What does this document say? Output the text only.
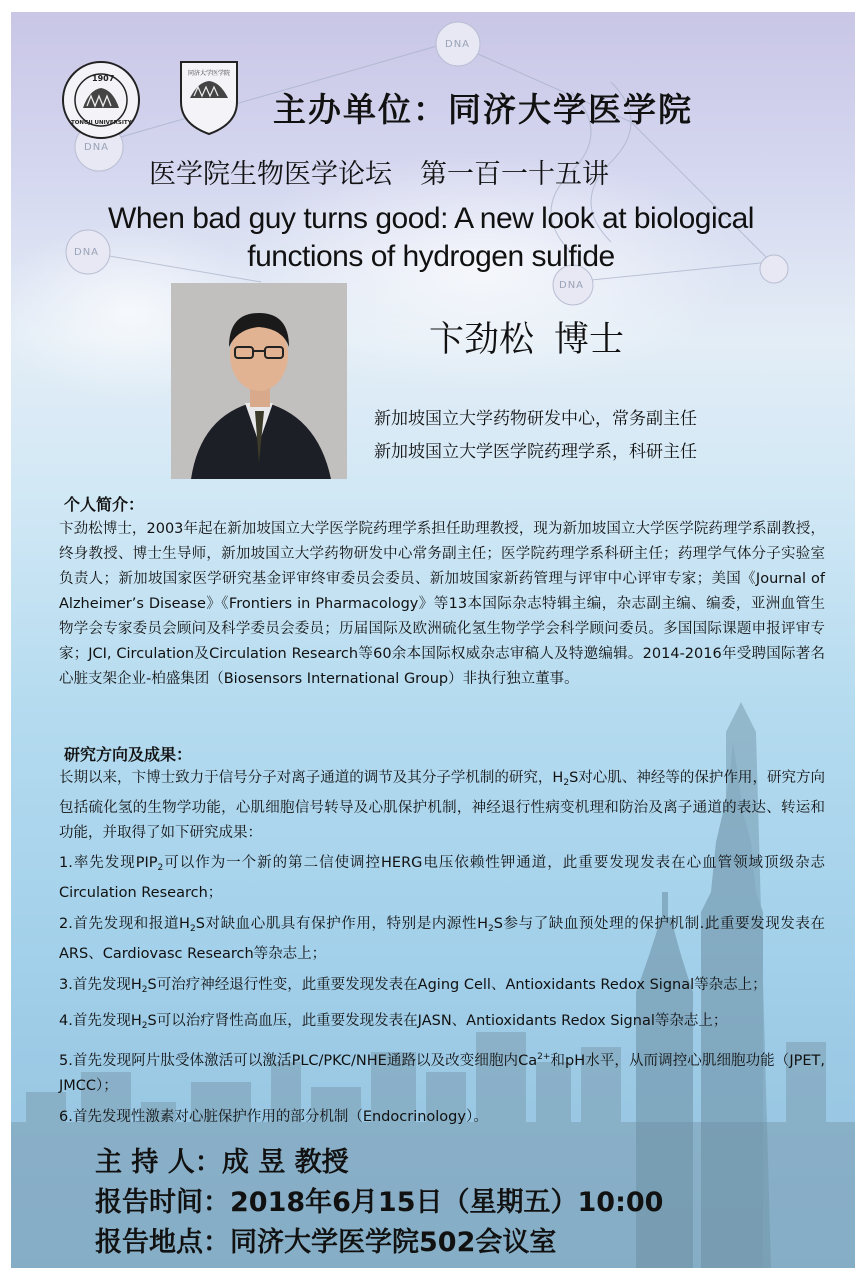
DNA
DNA
DNA
DNA
1907
TONGJI UNIVERSITY
同济大学医学院
主办单位：同济大学医学院
医学院生物医学论坛 第一百一十五讲
When bad guy turns good: A new look at biological
functions of hydrogen sulfide
卞劲松 博士
新加坡国立大学药物研发中心，常务副主任
新加坡国立大学医学院药理学系，科研主任
个人简介：

卞劲松博士，2003年起在新加坡国立大学医学院药理学系担任助理教授，现为新加坡国立大学医学院药理学系副教授，终身教授、博士生导师，新加坡国立大学药物研发中心常务副主任；医学院药理学系科研主任；药理学气体分子实验室负责人；新加坡国家医学研究基金评审终审委员会委员、新加坡国家新药管理与评审中心评审专家；美国《Journal of Alzheimer’s Disease》《Frontiers in Pharmacology》等13本国际杂志特辑主编，杂志副主编、编委，亚洲血管生物学会专家委员会顾问及科学委员会委员；历届国际及欧洲硫化氢生物学学会科学顾问委员。多国国际课题申报评审专家；JCI, Circulation及Circulation Research等60余本国际权威杂志审稿人及特邀编辑。2014-2016年受聘国际著名心脏支架企业-柏盛集团（Biosensors International Group）非执行独立董事。

研究方向及成果：

长期以来，卞博士致力于信号分子对离子通道的调节及其分子学机制的研究，$H_2S$对心肌、神经等的保护作用，研究方向包括硫化氢的生物学功能，心肌细胞信号转导及心肌保护机制，神经退行性病变机理和防治及离子通道的表达、转运和功能，并取得了如下研究成果：

1.率先发现$PIP_2$可以作为一个新的第二信使调控HERG电压依赖性钾通道，此重要发现发表在心血管领域顶级杂志Circulation Research；

2.首先发现和报道$H_2S$对缺血心肌具有保护作用，特别是内源性$H_2S$参与了缺血预处理的保护机制.此重要发现发表在ARS、Cardiovasc Research等杂志上；

3.首先发现$H_2S$可治疗神经退行性变，此重要发现发表在Aging Cell、Antioxidants Redox Signal等杂志上；

4.首先发现$H_2S$可以治疗肾性高血压，此重要发现发表在JASN、Antioxidants Redox Signal等杂志上；

5.首先发现阿片肽受体激活可以激活PLC/PKC/NHE通路以及改变细胞内$Ca^{2+}$和pH水平，从而调控心肌细胞功能（JPET, JMCC）；

6.首先发现性激素对心脏保护作用的部分机制（Endocrinology）。

主 持 人：成 昱 教授
报告时间：2018年6月15日（星期五）10:00
报告地点：同济大学医学院502会议室
